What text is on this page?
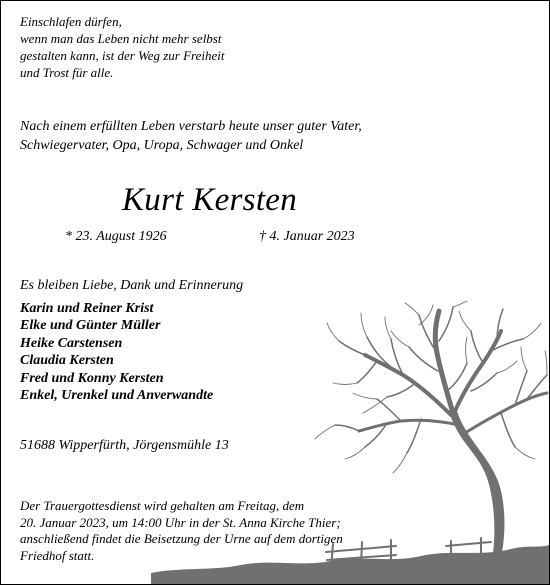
Einschlafen dürfen,
wenn man das Leben nicht mehr selbst
gestalten kann, ist der Weg zur Freiheit
und Trost für alle.
Nach einem erfüllten Leben verstarb heute unser guter Vater, Schwiegervater, Opa, Uropa, Schwager und Onkel
Kurt Kersten
* 23. August 1926	† 4. Januar 2023
Es bleiben Liebe, Dank und Erinnerung
Karin und Reiner Krist
Elke und Günter Müller
Heike Carstensen
Claudia Kersten
Fred und Konny Kersten
Enkel, Urenkel und Anverwandte
51688 Wipperfürth, Jörgensmühle 13
Der Trauergottesdienst wird gehalten am Freitag, dem
20. Januar 2023, um 14:00 Uhr in der St. Anna Kirche Thier;
anschließend findet die Beisetzung der Urne auf dem dortigen
Friedhof statt.
